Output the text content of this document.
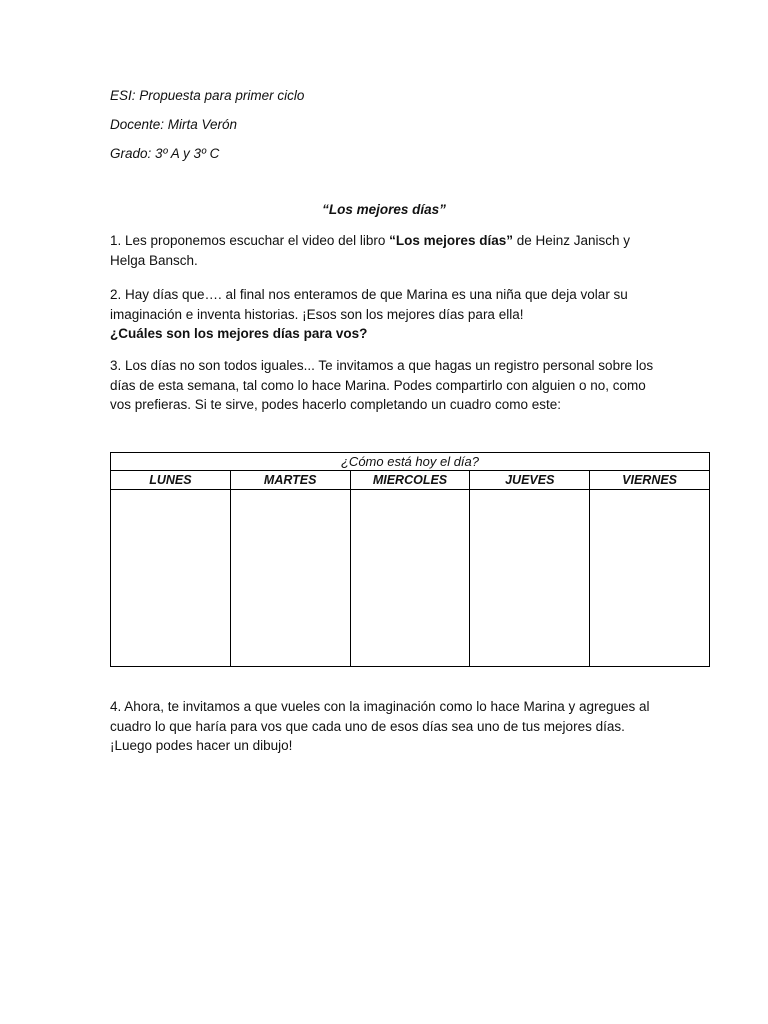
ESI: Propuesta para primer ciclo

Docente: Mirta Verón

Grado: 3º A y 3º C

“Los mejores días”

1. Les proponemos escuchar el video del libro “Los mejores días” de Heinz Janisch y Helga Bansch.

2. Hay días que…. al final nos enteramos de que Marina es una niña que deja volar su imaginación e inventa historias. ¡Esos son los mejores días para ella!
¿Cuáles son los mejores días para vos?

3. Los días no son todos iguales... Te invitamos a que hagas un registro personal sobre los días de esta semana, tal como lo hace Marina. Podes compartirlo con alguien o no, como vos prefieras. Si te sirve, podes hacerlo completando un cuadro como este:

¿Cómo está hoy el día?				
LUNES	MARTES	MIERCOLES	JUEVES	VIERNES

4. Ahora, te invitamos a que vueles con la imaginación como lo hace Marina y agregues al cuadro lo que haría para vos que cada uno de esos días sea uno de tus mejores días. ¡Luego podes hacer un dibujo!
